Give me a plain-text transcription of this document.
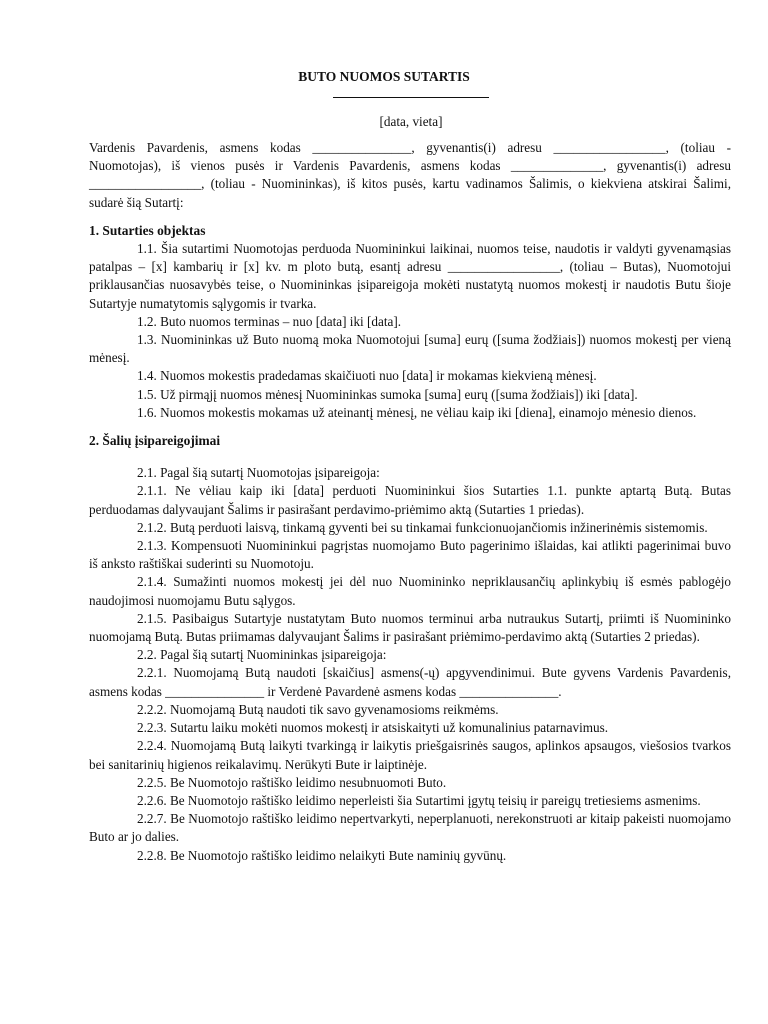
BUTO NUOMOS SUTARTIS
[data, vieta]

Vardenis Pavardenis, asmens kodas _______________, gyvenantis(i) adresu _________________, (toliau - Nuomotojas), iš vienos pusės ir Vardenis Pavardenis, asmens kodas ______________, gyvenantis(i) adresu _________________, (toliau - Nuomininkas), iš kitos pusės, kartu vadinamos Šalimis, o kiekviena atskirai Šalimi, sudarė šią Sutartį:

1. Sutarties objektas

1.1. Šia sutartimi Nuomotojas perduoda Nuomininkui laikinai, nuomos teise, naudotis ir valdyti gyvenamąsias patalpas – [x] kambarių ir [x] kv. m ploto butą, esantį adresu _________________, (toliau – Butas), Nuomotojui priklausančias nuosavybės teise, o Nuomininkas įsipareigoja mokėti nustatytą nuomos mokestį ir naudotis Butu šioje Sutartyje numatytomis sąlygomis ir tvarka.

1.2. Buto nuomos terminas – nuo [data] iki [data].

1.3. Nuomininkas už Buto nuomą moka Nuomotojui [suma] eurų ([suma žodžiais]) nuomos mokestį per vieną mėnesį.

1.4. Nuomos mokestis pradedamas skaičiuoti nuo [data] ir mokamas kiekvieną mėnesį.

1.5. Už pirmąjį nuomos mėnesį Nuomininkas sumoka [suma] eurų ([suma žodžiais]) iki [data].

1.6. Nuomos mokestis mokamas už ateinantį mėnesį, ne vėliau kaip iki [diena], einamojo mėnesio dienos.

2. Šalių įsipareigojimai

2.1. Pagal šią sutartį Nuomotojas įsipareigoja:

2.1.1. Ne vėliau kaip iki [data] perduoti Nuomininkui šios Sutarties 1.1. punkte aptartą Butą. Butas perduodamas dalyvaujant Šalims ir pasirašant perdavimo-priėmimo aktą (Sutarties 1 priedas).

2.1.2. Butą perduoti laisvą, tinkamą gyventi bei su tinkamai funkcionuojančiomis inžinerinėmis sistemomis.

2.1.3. Kompensuoti Nuomininkui pagrįstas nuomojamo Buto pagerinimo išlaidas, kai atlikti pagerinimai buvo iš anksto raštiškai suderinti su Nuomotoju.

2.1.4. Sumažinti nuomos mokestį jei dėl nuo Nuomininko nepriklausančių aplinkybių iš esmės pablogėjo naudojimosi nuomojamu Butu sąlygos.

2.1.5. Pasibaigus Sutartyje nustatytam Buto nuomos terminui arba nutraukus Sutartį, priimti iš Nuomininko nuomojamą Butą. Butas priimamas dalyvaujant Šalims ir pasirašant priėmimo-perdavimo aktą (Sutarties 2 priedas).

2.2. Pagal šią sutartį Nuomininkas įsipareigoja:

2.2.1. Nuomojamą Butą naudoti [skaičius] asmens(-ų) apgyvendinimui. Bute gyvens Vardenis Pavardenis, asmens kodas _______________ ir Verdenė Pavardenė asmens kodas _______________.

2.2.2. Nuomojamą Butą naudoti tik savo gyvenamosioms reikmėms.

2.2.3. Sutartu laiku mokėti nuomos mokestį ir atsiskaityti už komunalinius patarnavimus.

2.2.4. Nuomojamą Butą laikyti tvarkingą ir laikytis priešgaisrinės saugos, aplinkos apsaugos, viešosios tvarkos bei sanitarinių higienos reikalavimų. Nerūkyti Bute ir laiptinėje.

2.2.5. Be Nuomotojo raštiško leidimo nesubnuomoti Buto.

2.2.6. Be Nuomotojo raštiško leidimo neperleisti šia Sutartimi įgytų teisių ir pareigų tretiesiems asmenims.

2.2.7. Be Nuomotojo raštiško leidimo nepertvarkyti, neperplanuoti, nerekonstruoti ar kitaip pakeisti nuomojamo Buto ar jo dalies.

2.2.8. Be Nuomotojo raštiško leidimo nelaikyti Bute naminių gyvūnų.
